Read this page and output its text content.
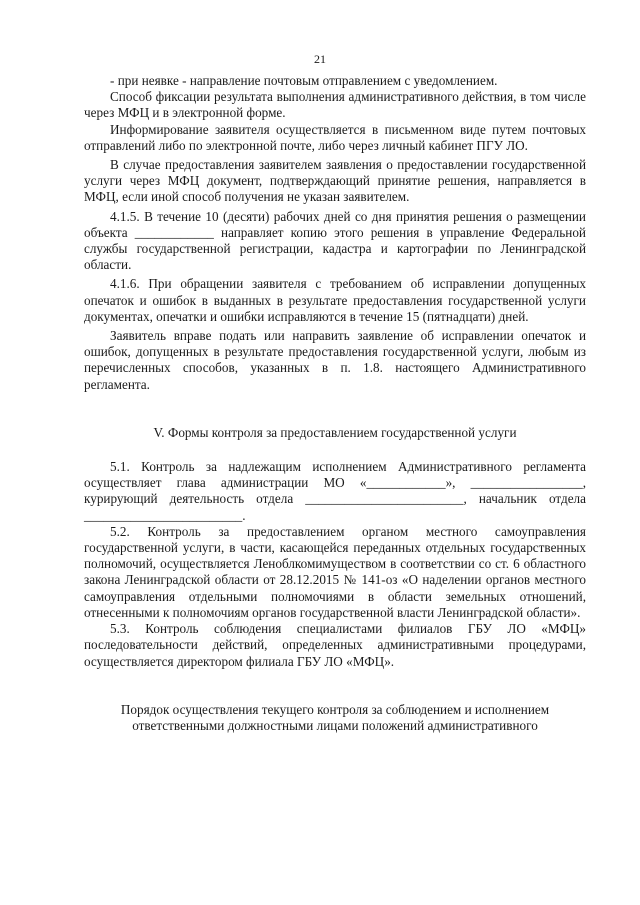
21

- при неявке - направление почтовым отправлением с уведомлением.

Способ фиксации результата выполнения административного действия, в том числе через МФЦ и в электронной форме.

Информирование заявителя осуществляется в письменном виде путем почтовых отправлений либо по электронной почте, либо через личный кабинет ПГУ ЛО.

В случае предоставления заявителем заявления о предоставлении государственной услуги через МФЦ документ, подтверждающий принятие решения, направляется в МФЦ, если иной способ получения не указан заявителем.

4.1.5. В течение 10 (десяти) рабочих дней со дня принятия решения о размещении объекта ____________ направляет копию этого решения в управление Федеральной службы государственной регистрации, кадастра и картографии по Ленинградской области.

4.1.6. При обращении заявителя с требованием об исправлении допущенных опечаток и ошибок в выданных в результате предоставления государственной услуги документах, опечатки и ошибки исправляются в течение 15 (пятнадцати) дней.

Заявитель вправе подать или направить заявление об исправлении опечаток и ошибок, допущенных в результате предоставления государственной услуги, любым из перечисленных способов, указанных в п. 1.8. настоящего Административного регламента.

V. Формы контроля за предоставлением государственной услуги

5.1. Контроль за надлежащим исполнением Административного регламента осуществляет глава администрации МО «____________», _________________, курирующий деятельность отдела ________________________, начальник отдела ________________________.

5.2. Контроль за предоставлением органом местного самоуправления государственной услуги, в части, касающейся переданных отдельных государственных полномочий, осуществляется Леноблкомимуществом в соответствии со ст. 6 областного закона Ленинградской области от 28.12.2015 № 141-оз «О наделении органов местного самоуправления отдельными полномочиями в области земельных отношений, отнесенными к полномочиям органов государственной власти Ленинградской области».

5.3. Контроль соблюдения специалистами филиалов ГБУ ЛО «МФЦ» последовательности действий, определенных административными процедурами, осуществляется директором филиала ГБУ ЛО «МФЦ».

Порядок осуществления текущего контроля за соблюдением и исполнением ответственными должностными лицами положений административного
